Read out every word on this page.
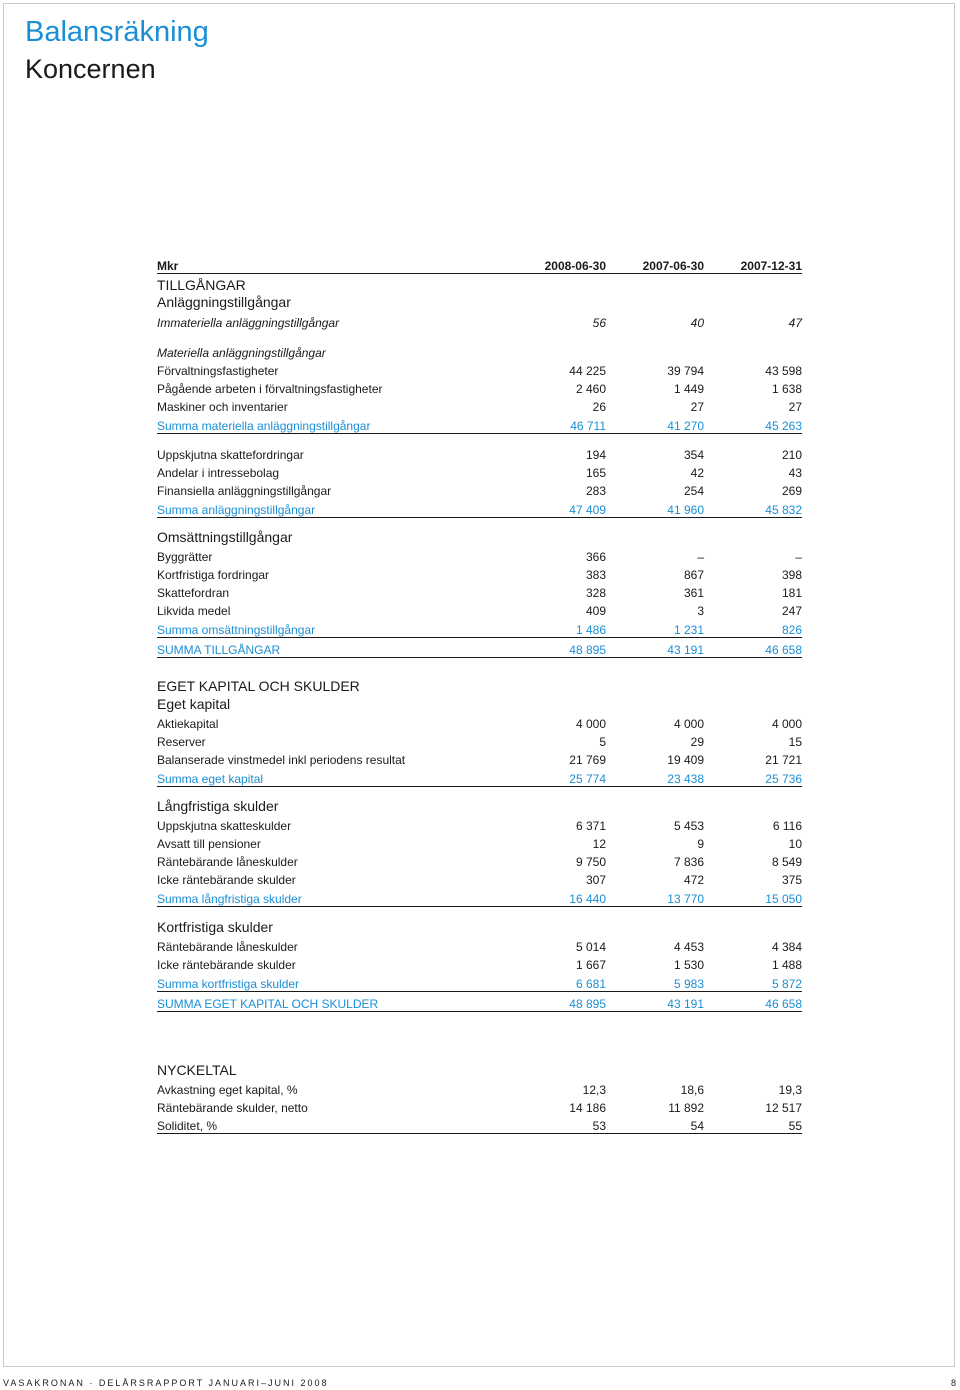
Balansräkning
Koncernen
Mkr	2008-06-30	2007-06-30	2007-12-31
TILLGÅNGAR
Anläggningstillgångar
Immateriella anläggningstillgångar	56	40	47
Materiella anläggningstillgångar
Förvaltningsfastigheter	44 225	39 794	43 598
Pågående arbeten i förvaltningsfastigheter	2 460	1 449	1 638
Maskiner och inventarier	26	27	27
Summa materiella anläggningstillgångar	46 711	41 270	45 263
Uppskjutna skattefordringar	194	354	210
Andelar i intressebolag	165	42	43
Finansiella anläggningstillgångar	283	254	269
Summa anläggningstillgångar	47 409	41 960	45 832
Omsättningstillgångar
Byggrätter	366	–	–
Kortfristiga fordringar	383	867	398
Skattefordran	328	361	181
Likvida medel	409	3	247
Summa omsättningstillgångar	1 486	1 231	826
SUMMA TILLGÅNGAR	48 895	43 191	46 658
EGET KAPITAL OCH SKULDER
Eget kapital
Aktiekapital	4 000	4 000	4 000
Reserver	5	29	15
Balanserade vinstmedel inkl periodens resultat	21 769	19 409	21 721
Summa eget kapital	25 774	23 438	25 736
Långfristiga skulder
Uppskjutna skatteskulder	6 371	5 453	6 116
Avsatt till pensioner	12	9	10
Räntebärande låneskulder	9 750	7 836	8 549
Icke räntebärande skulder	307	472	375
Summa långfristiga skulder	16 440	13 770	15 050
Kortfristiga skulder
Räntebärande låneskulder	5 014	4 453	4 384
Icke räntebärande skulder	1 667	1 530	1 488
Summa kortfristiga skulder	6 681	5 983	5 872
SUMMA EGET KAPITAL OCH SKULDER	48 895	43 191	46 658
NYCKELTAL
Avkastning eget kapital, %	12,3	18,6	19,3
Räntebärande skulder, netto	14 186	11 892	12 517
Soliditet, %	53	54	55
VASAKRONAN · DELÅRSRAPPORT JANUARI–JUNI 2008	8
